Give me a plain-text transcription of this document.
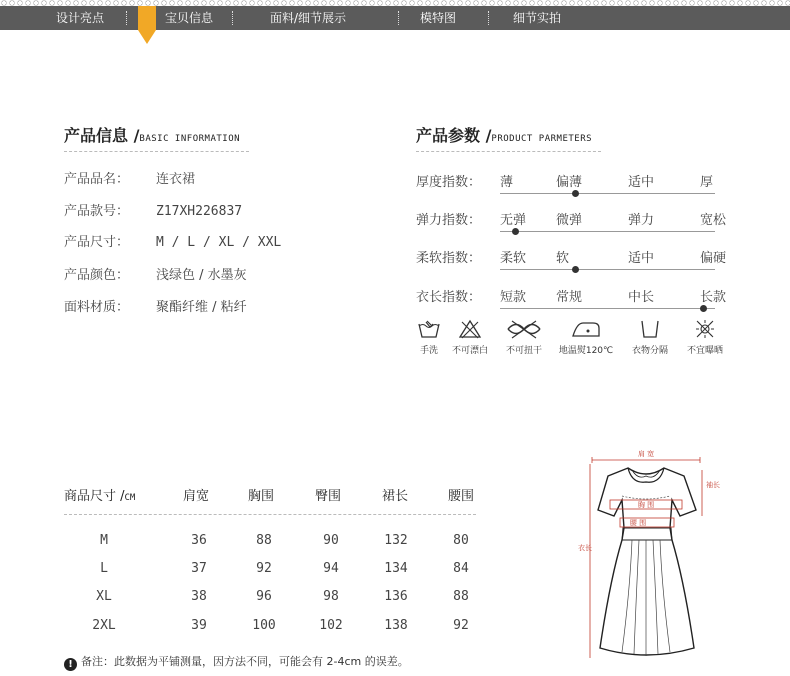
设计亮点	宝贝信息	面料/细节展示	模特图	细节实拍
产品信息 /BASIC INFORMATION
产品品名： 连衣裙
产品款号： Z17XH226837
产品尺寸： M / L / XL / XXL
产品颜色： 浅绿色 / 水墨灰
面料材质： 聚酯纤维 / 粘纤
产品参数 /PRODUCT PARMETERS
厚度指数： 薄	偏薄	适中	厚
弹力指数： 无弹 微弹	弹力	宽松
柔软指数： 柔软 软	适中	偏硬
衣长指数： 短款 常规	中长	长款
手洗	不可漂白	不可扭干	地温熨120℃	衣物分隔	不宜曝晒
商品尺寸 /CM	肩宽	胸围	臀围	裙长	腰围
M	36	88	90	132	80
L	37	92	94	134	84
XL	38	96	98	136	88
2XL	39	100	102	138	92
! 备注：此数据为平铺测量，因方法不同，可能会有 2-4cm 的误差。
肩 宽
袖长
衣长
胸 围
腰 围
